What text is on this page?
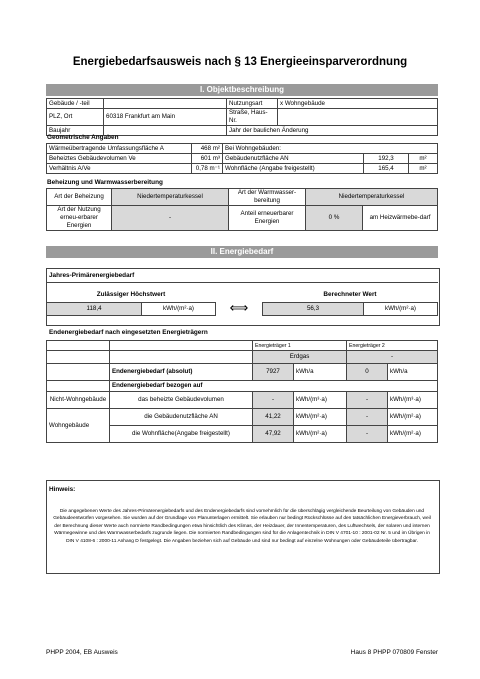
Energiebedarfsausweis nach § 13 Energieeinsparverordnung
I. Objektbeschreibung
Gebäude / -teil		Nutzungsart	x Wohngebäude
PLZ, Ort	60318 Frankfurt am Main	Straße, Haus-Nr.	
Baujahr		Jahr der baulichen Änderung	
Geometrische Angaben
Wärmeübertragende Umfassungsfläche A	468 m²	Bei Wohngebäuden:		
Beheiztes Gebäudevolumen Ve	601 m³	Gebäudenutzfläche AN	192,3	m²
Verhältnis A/Ve	0,78 m⁻¹	Wohnfläche (Angabe freigestellt)	165,4	m²
Beheizung und Warmwasserbereitung
Art der Beheizung	Niedertemperaturkessel	Art der Warmwasser-bereitung	Niedertemperaturkessel	
Art der Nutzung erneu-erbarer Energien	-	Anteil erneuerbarer Energien	0 %	am Heizwärmebe-darf
II. Energiebedarf
Jahres-Primärenergiebedarf
Zulässiger Höchstwert	Berechneter Wert
118,4	kWh/(m²·a)	⟺	56,3	kWh/(m²·a)
Endenergiebedarf nach eingesetzten Energieträgern
		Energieträger 1		Energieträger 2	
		Erdgas		-	
	Endenergiebedarf (absolut)	7927	kWh/a	0	kWh/a
	Endenergiebedarf bezogen auf				
Nicht-Wohngebäude	das beheizte Gebäudevolumen	-	kWh/(m³·a)	-	kWh/(m³·a)
Wohngebäude	die Gebäudenutzfläche AN	41,22	kWh/(m²·a)	-	kWh/(m²·a)
	die Wohnfläche(Angabe freigestellt)	47,92	kWh/(m²·a)	-	kWh/(m²·a)
Hinweis:
Die angegebenen Werte des Jahres-Primärenergiebedarfs und des Endenergiebedarfs sind vornehmlich für die überschlägig vergleichende Beurteilung von Gebäuden und Gebäudeentwürfen vorgesehen. Sie wurden auf der Grundlage von Planunterlagen ermittelt. Sie erlauben nur bedingt Rückschlüsse auf den tatsächlichen Energieverbrauch, weil der Berechnung dieser Werte auch normierte Randbedingungen etwa hinsichtlich des Klimas, der Heizdauer, der Innentemperaturen, des Luftwechsels, der solaren und internen Wärmegewinne und des Warmwasserbedarfs zugrunde liegen. Die normierten Randbedingungen sind für die Anlagentechnik in DIN V 4701-10 : 2001-02 Nr. 5 und im Übrigen in DIN V 4108-6 : 2000-11 Anhang D festgelegt. Die Angaben beziehen sich auf Gebäude und sind nur bedingt auf einzelne Wohnungen oder Gebäudeteile übertragbar.
PHPP 2004, EB Ausweis	Haus 8 PHPP 070809 Fenster
